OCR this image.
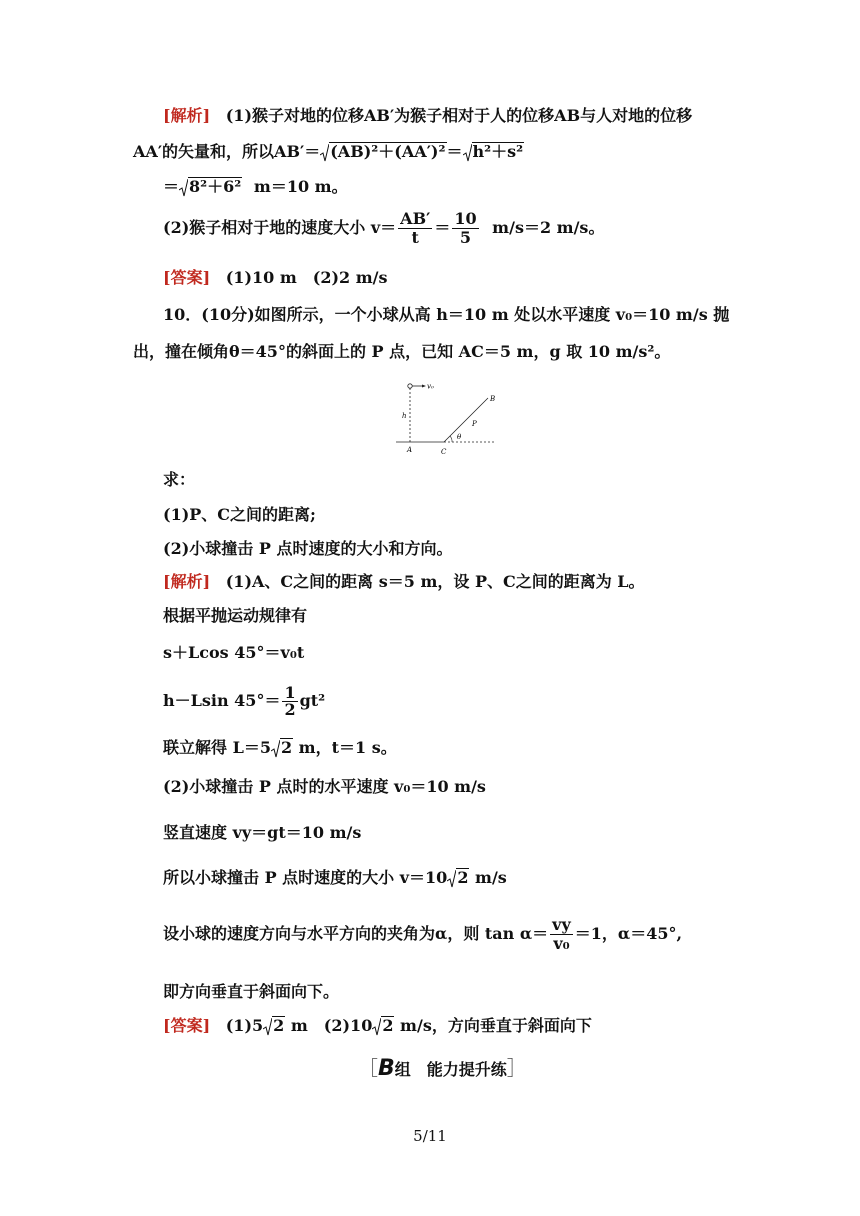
[解析] (1)猴子对地的位移AB′为猴子相对于人的位移AB与人对地的位移
AA′的矢量和，所以AB′＝ (AB)²＋(AA′)²＝ h²＋s²
＝ 8²＋6² m＝10 m。
(2)猴子相对于地的速度大小 $v= \frac{AB'}{t} = \frac{10}{5} m/s=2$ m/s。
[答案] (1)10 m　(2)2 m/s
10．(10分)如图所示，一个小球从高 h＝10 m 处以水平速度 v₀＝10 m/s 抛
出，撞在倾角θ＝45°的斜面上的 P 点，已知 AC＝5 m，g 取 10 m/s²。
v₀
h
B
P
θ
A	C
求：
(1)P、C之间的距离;
(2)小球撞击 P 点时速度的大小和方向。
[解析] (1)A、C之间的距离 s＝5 m，设 P、C之间的距离为 L。
根据平抛运动规律有
s＋Lcos 45°＝v₀t
h－Lsin $45^\circ= \frac{1}{2} gt^2$
联立解得 L＝5 2 m，t＝1 s。
(2)小球撞击 P 点时的水平速度 v₀＝10 m/s
竖直速度 vy＝gt＝10 m/s
所以小球撞击 P 点时速度的大小 v＝10 2 m/s
设小球的速度方向与水平方向的夹角为α，则 $\tan \alpha= \frac{vy}{\text{v₀}} =1$，α＝45°,
即方向垂直于斜面向下。
[答案] (1)5 2 m　(2)10 2 m/s，方向垂直于斜面向下
［B组　能力提升练］
5/11
